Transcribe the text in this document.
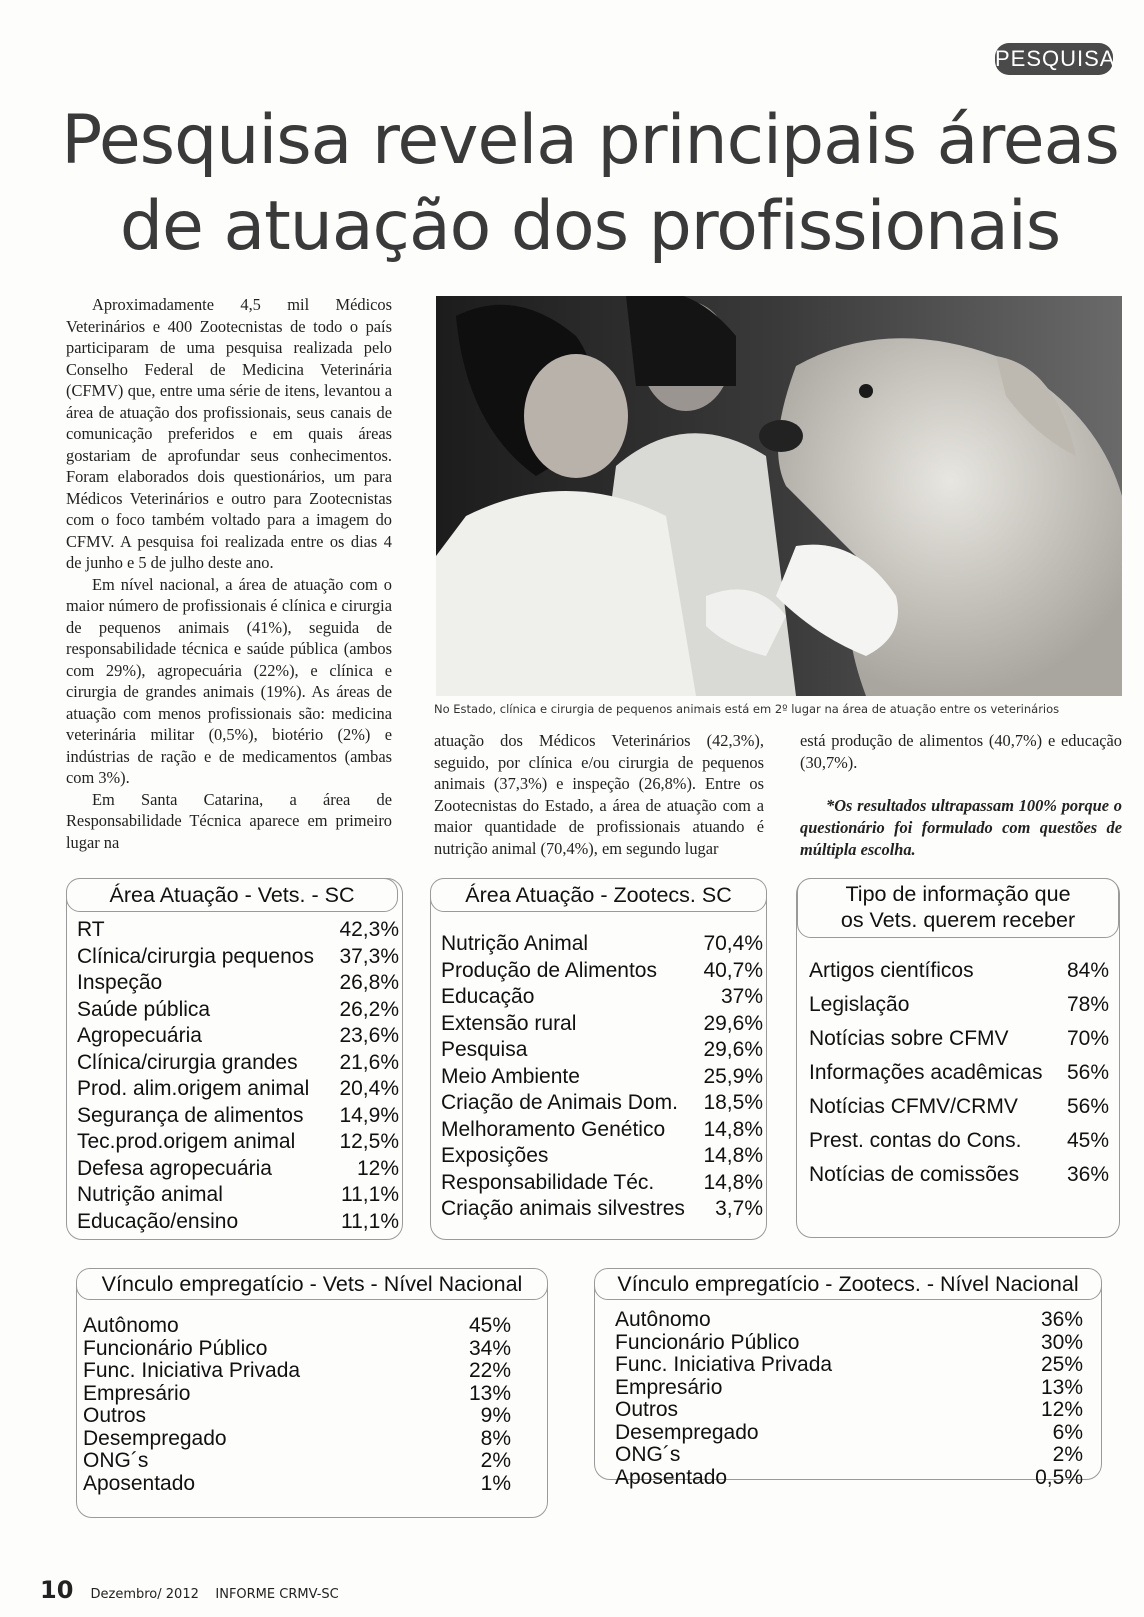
PESQUISA
Pesquisa revela principais áreas
de atuação dos profissionais

Aproximadamente 4,5 mil Médicos Veterinários e 400 Zootecnistas de todo o país participaram de uma pesquisa realizada pelo Conselho Federal de Medicina Veterinária (CFMV) que, entre uma série de itens, levantou a área de atuação dos profissionais, seus canais de comunicação preferidos e em quais áreas gostariam de aprofundar seus conhecimentos. Foram elaborados dois questionários, um para Médicos Veterinários e outro para Zootecnistas com o foco também voltado para a imagem do CFMV. A pesquisa foi realizada entre os dias 4 de junho e 5 de julho deste ano.

Em nível nacional, a área de atuação com o maior número de profissionais é clínica e cirurgia de pequenos animais (41%), seguida de responsabilidade técnica e saúde pública (ambos com 29%), agropecuária (22%), e clínica e cirurgia de grandes animais (19%). As áreas de atuação com menos profissionais são: medicina veterinária militar (0,5%), biotério (2%) e indústrias de ração e de medicamentos (ambas com 3%).

Em Santa Catarina, a área de Responsabilidade Técnica aparece em primeiro lugar na

No Estado, clínica e cirurgia de pequenos animais está em 2º lugar na área de atuação entre os veterinários

atuação dos Médicos Veterinários (42,3%), seguido, por clínica e/ou cirurgia de pequenos animais (37,3%) e inspeção (26,8%). Entre os Zootecnistas do Estado, a área de atuação com a maior quantidade de profissionais atuando é nutrição animal (70,4%), em segundo lugar

está produção de alimentos (40,7%) e educação (30,7%).

*Os resultados ultrapassam 100% porque o questionário foi formulado com questões de múltipla escolha.

Área Atuação - Vets. - SC
RT	42,3%
Clínica/cirurgia pequenos 37,3%
Inspeção	26,8%
Saúde pública	26,2%
Agropecuária	23,6%
Clínica/cirurgia grandes 21,6%
Prod. alim.origem animal 20,4%
Segurança de alimentos 14,9%
Tec.prod.origem animal 12,5%
Defesa agropecuária	12%
Nutrição animal	11,1%
Educação/ensino	11,1%
Área Atuação - Zootecs. SC
Nutrição Animal	70,4%
Produção de Alimentos 40,7%
Educação	37%
Extensão rural	29,6%
Pesquisa	29,6%
Meio Ambiente	25,9%
Criação de Animais Dom. 18,5%
Melhoramento Genético 14,8%
Exposições	14,8%
Responsabilidade Téc. 14,8%
Criação animais silvestres 3,7%
Tipo de informação que
os Vets. querem receber
Artigos científicos	84%
Legislação	78%
Notícias sobre CFMV	70%
Informações acadêmicas 56%
Notícias CFMV/CRMV 56%
Prest. contas do Cons. 45%
Notícias de comissões 36%
Vínculo empregatício - Vets - Nível Nacional
Autônomo	45%
Funcionário Público	34%
Func. Iniciativa Privada	22%
Empresário	13%
Outros	9%
Desempregado	8%
ONG´s	2%
Aposentado	1%
Vínculo empregatício - Zootecs. - Nível Nacional
Autônomo	36%
Funcionário Público	30%
Func. Iniciativa Privada	25%
Empresário	13%
Outros	12%
Desempregado	6%
ONG´s	2%
Aposentado	0,5%
10 Dezembro/ 2012    INFORME CRMV-SC
